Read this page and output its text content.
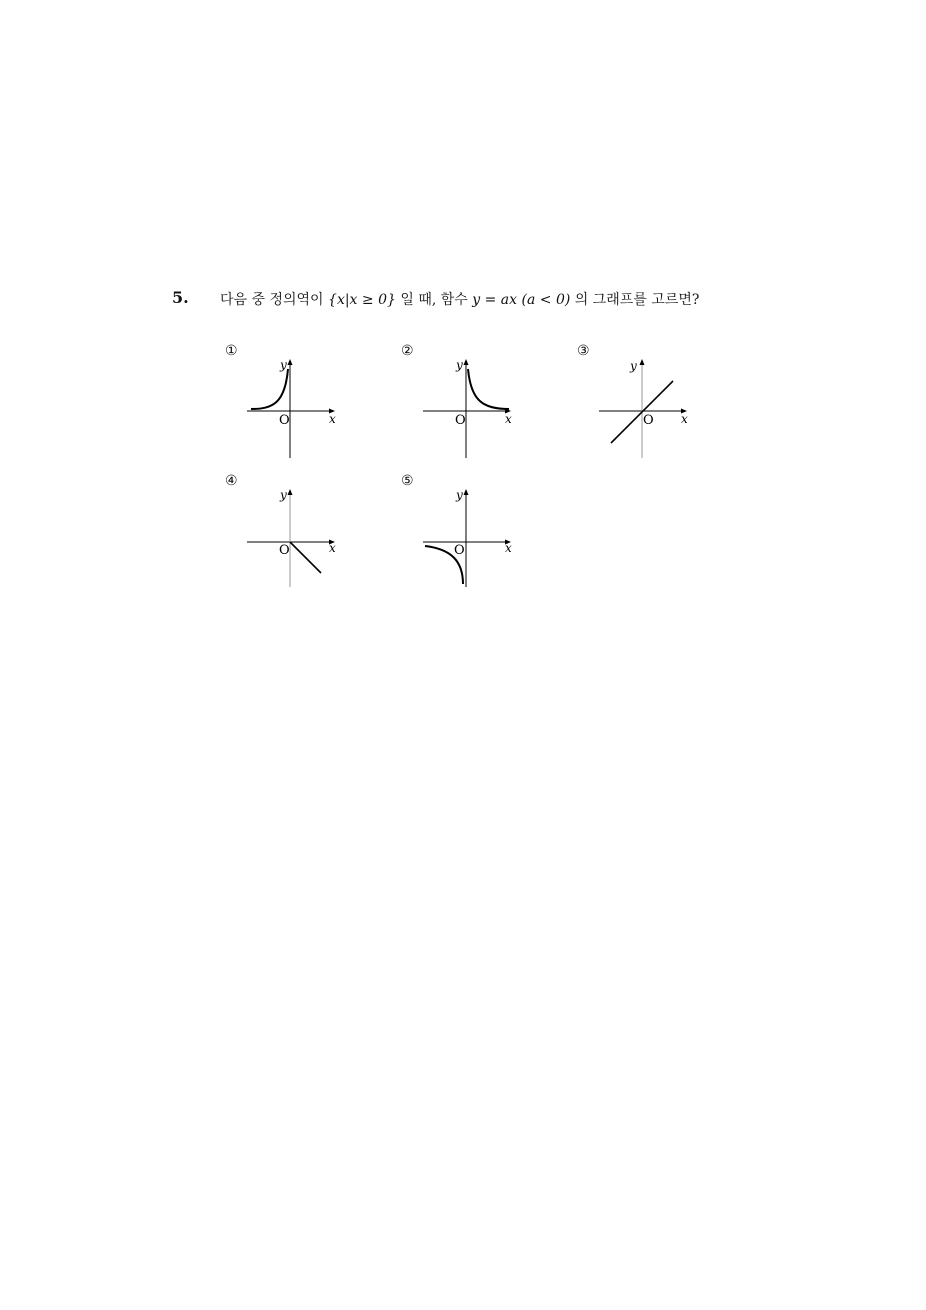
5. 다음 중 정의역이 {x|x ≥ 0} 일 때, 함수 y = ax (a < 0) 의 그래프를 고르면?
①
x
y
O
②
x
y
O
③
x
y
O
④
x
y
O
⑤
x
y
O
